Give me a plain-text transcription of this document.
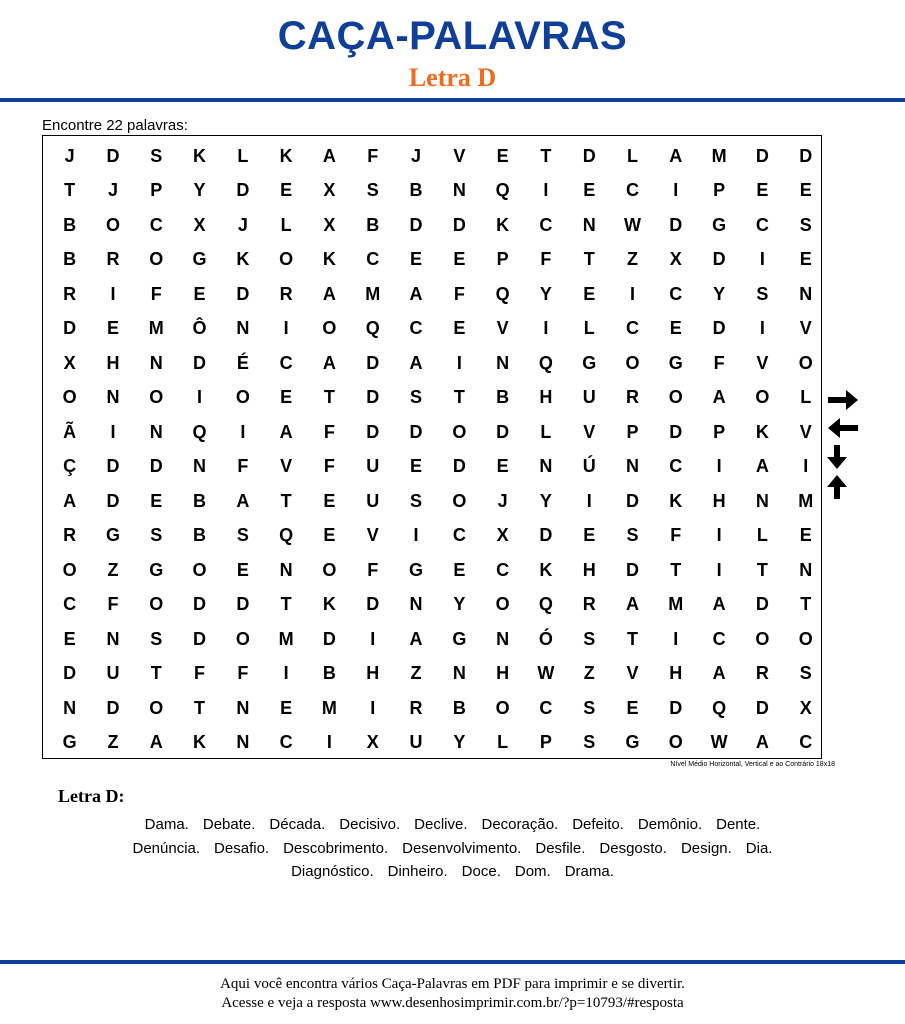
CAÇA-PALAVRAS
Letra D
Encontre 22 palavras:
J	D	S	K	L	K	A	F	J	V	E	T	D	L	A	M	D	D
T	J	P	Y	D	E	X	S	B	N	Q	I	E	C	I	P	E	E
B	O	C	X	J	L	X	B	D	D	K	C	N	W	D	G	C	S
B	R	O	G	K	O	K	C	E	E	P	F	T	Z	X	D	I	E
R	I	F	E	D	R	A	M	A	F	Q	Y	E	I	C	Y	S	N
D	E	M	Ô	N	I	O	Q	C	E	V	I	L	C	E	D	I	V
X	H	N	D	É	C	A	D	A	I	N	Q	G	O	G	F	V	O
O	N	O	I	O	E	T	D	S	T	B	H	U	R	O	A	O	L
Ã	I	N	Q	I	A	F	D	D	O	D	L	V	P	D	P	K	V
Ç	D	D	N	F	V	F	U	E	D	E	N	Ú	N	C	I	A	I
A	D	E	B	A	T	E	U	S	O	J	Y	I	D	K	H	N	M
R	G	S	B	S	Q	E	V	I	C	X	D	E	S	F	I	L	E
O	Z	G	O	E	N	O	F	G	E	C	K	H	D	T	I	T	N
C	F	O	D	D	T	K	D	N	Y	O	Q	R	A	M	A	D	T
E	N	S	D	O	M	D	I	A	G	N	Ó	S	T	I	C	O	O
D	U	T	F	F	I	B	H	Z	N	H	W	Z	V	H	A	R	S
N	D	O	T	N	E	M	I	R	B	O	C	S	E	D	Q	D	X
G	Z	A	K	N	C	I	X	U	Y	L	P	S	G	O	W	A	C
Nível Médio Horizontal, Vertical e ao Contrário 18x18
Letra D:
Dama. Debate. Década. Decisivo. Declive. Decoração. Defeito. Demônio. Dente.
Denúncia. Desafio. Descobrimento. Desenvolvimento. Desfile. Desgosto. Design. Dia.
Diagnóstico. Dinheiro. Doce. Dom. Drama.
Aqui você encontra vários Caça-Palavras em PDF para imprimir e se divertir.
Acesse e veja a resposta www.desenhosimprimir.com.br/?p=10793/#resposta
